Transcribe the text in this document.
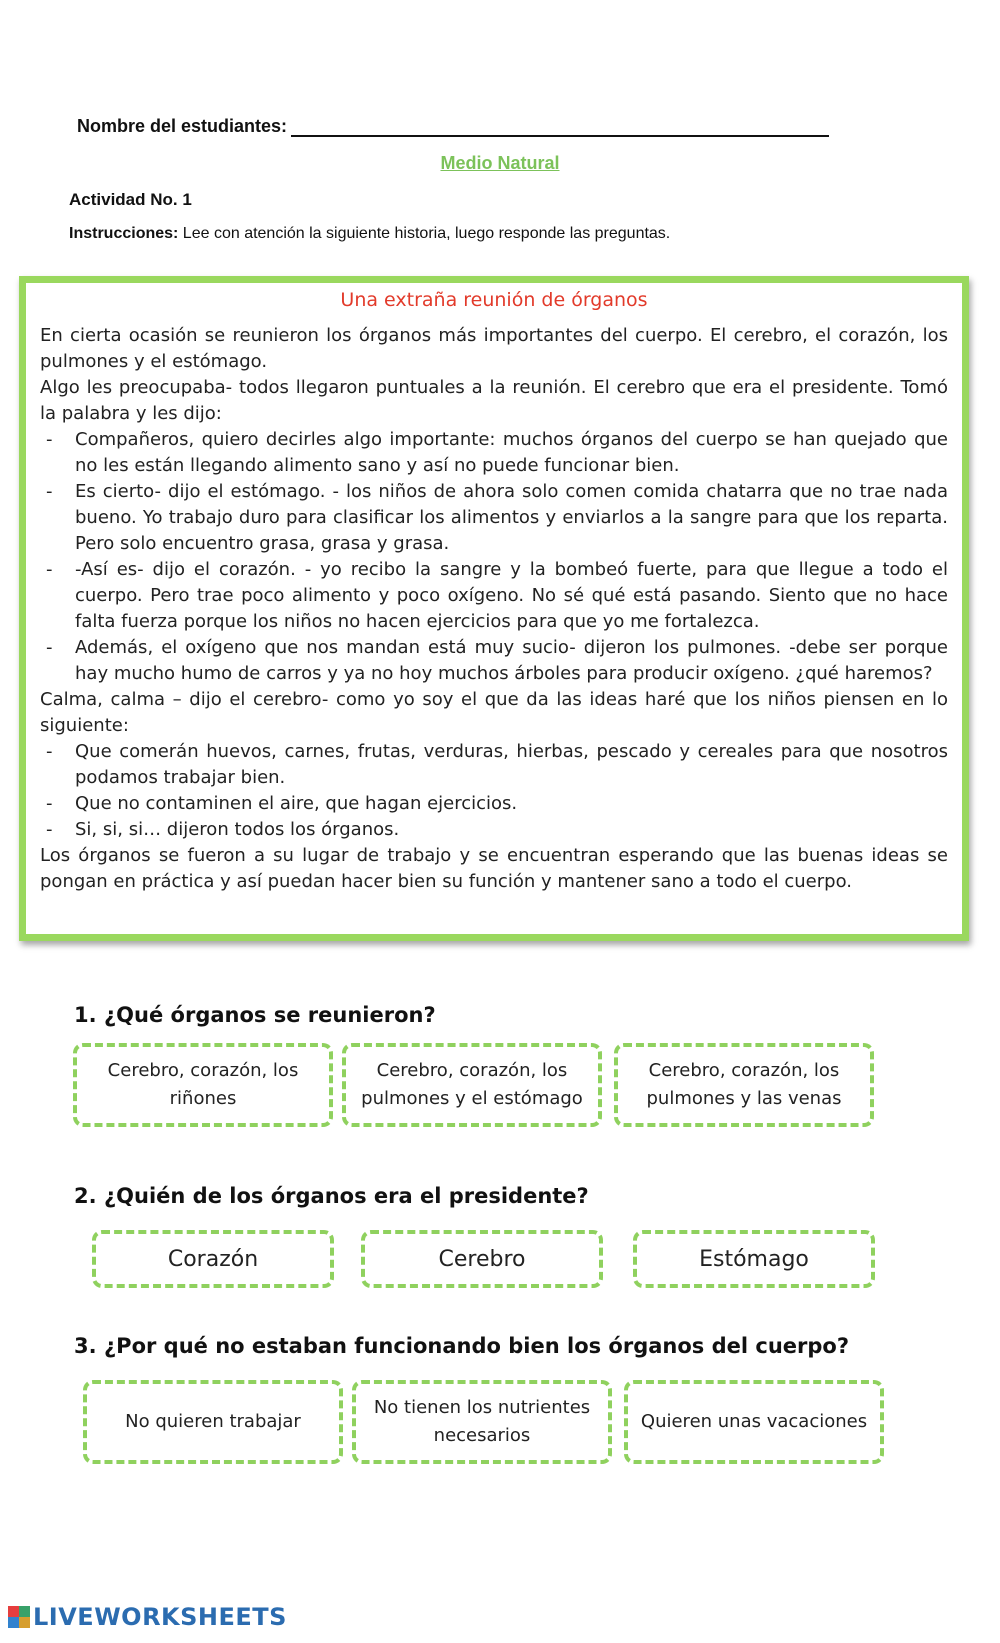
Nombre del estudiantes:
Medio Natural
Actividad No. 1
Instrucciones: Lee con atención la siguiente historia, luego responde las preguntas.
Una extraña reunión de órganos

En cierta ocasión se reunieron los órganos más importantes del cuerpo. El cerebro, el corazón, los pulmones y el estómago.

Algo les preocupaba- todos llegaron puntuales a la reunión. El cerebro que era el presidente. Tomó la palabra y les dijo:

-	Compañeros, quiero decirles algo importante: muchos órganos del cuerpo se han quejado que no les están llegando alimento sano y así no puede funcionar bien.
-	Es cierto- dijo el estómago. - los niños de ahora solo comen comida chatarra que no trae nada bueno. Yo trabajo duro para clasificar los alimentos y enviarlos a la sangre para que los reparta. Pero solo encuentro grasa, grasa y grasa.
-	-Así es- dijo el corazón. - yo recibo la sangre y la bombeó fuerte, para que llegue a todo el cuerpo. Pero trae poco alimento y poco oxígeno. No sé qué está pasando. Siento que no hace falta fuerza porque los niños no hacen ejercicios para que yo me fortalezca.
-	Además, el oxígeno que nos mandan está muy sucio- dijeron los pulmones. -debe ser porque hay mucho humo de carros y ya no hoy muchos árboles para producir oxígeno. ¿qué haremos?

Calma, calma – dijo el cerebro- como yo soy el que da las ideas haré que los niños piensen en lo siguiente:

-	Que comerán huevos, carnes, frutas, verduras, hierbas, pescado y cereales para que nosotros podamos trabajar bien.
-	Que no contaminen el aire, que hagan ejercicios.
-	Si, si, si… dijeron todos los órganos.

Los órganos se fueron a su lugar de trabajo y se encuentran esperando que las buenas ideas se pongan en práctica y así puedan hacer bien su función y mantener sano a todo el cuerpo.

1. ¿Qué órganos se reunieron?
Cerebro, corazón, los
riñones
Cerebro, corazón, los
pulmones y el estómago
Cerebro, corazón, los
pulmones y las venas
2. ¿Quién de los órganos era el presidente?
Corazón	Cerebro	Estómago
3. ¿Por qué no estaban funcionando bien los órganos del cuerpo?
No quieren trabajar
No tienen los nutrientes
necesarios
Quieren unas vacaciones
LIVEWORKSHEETS
